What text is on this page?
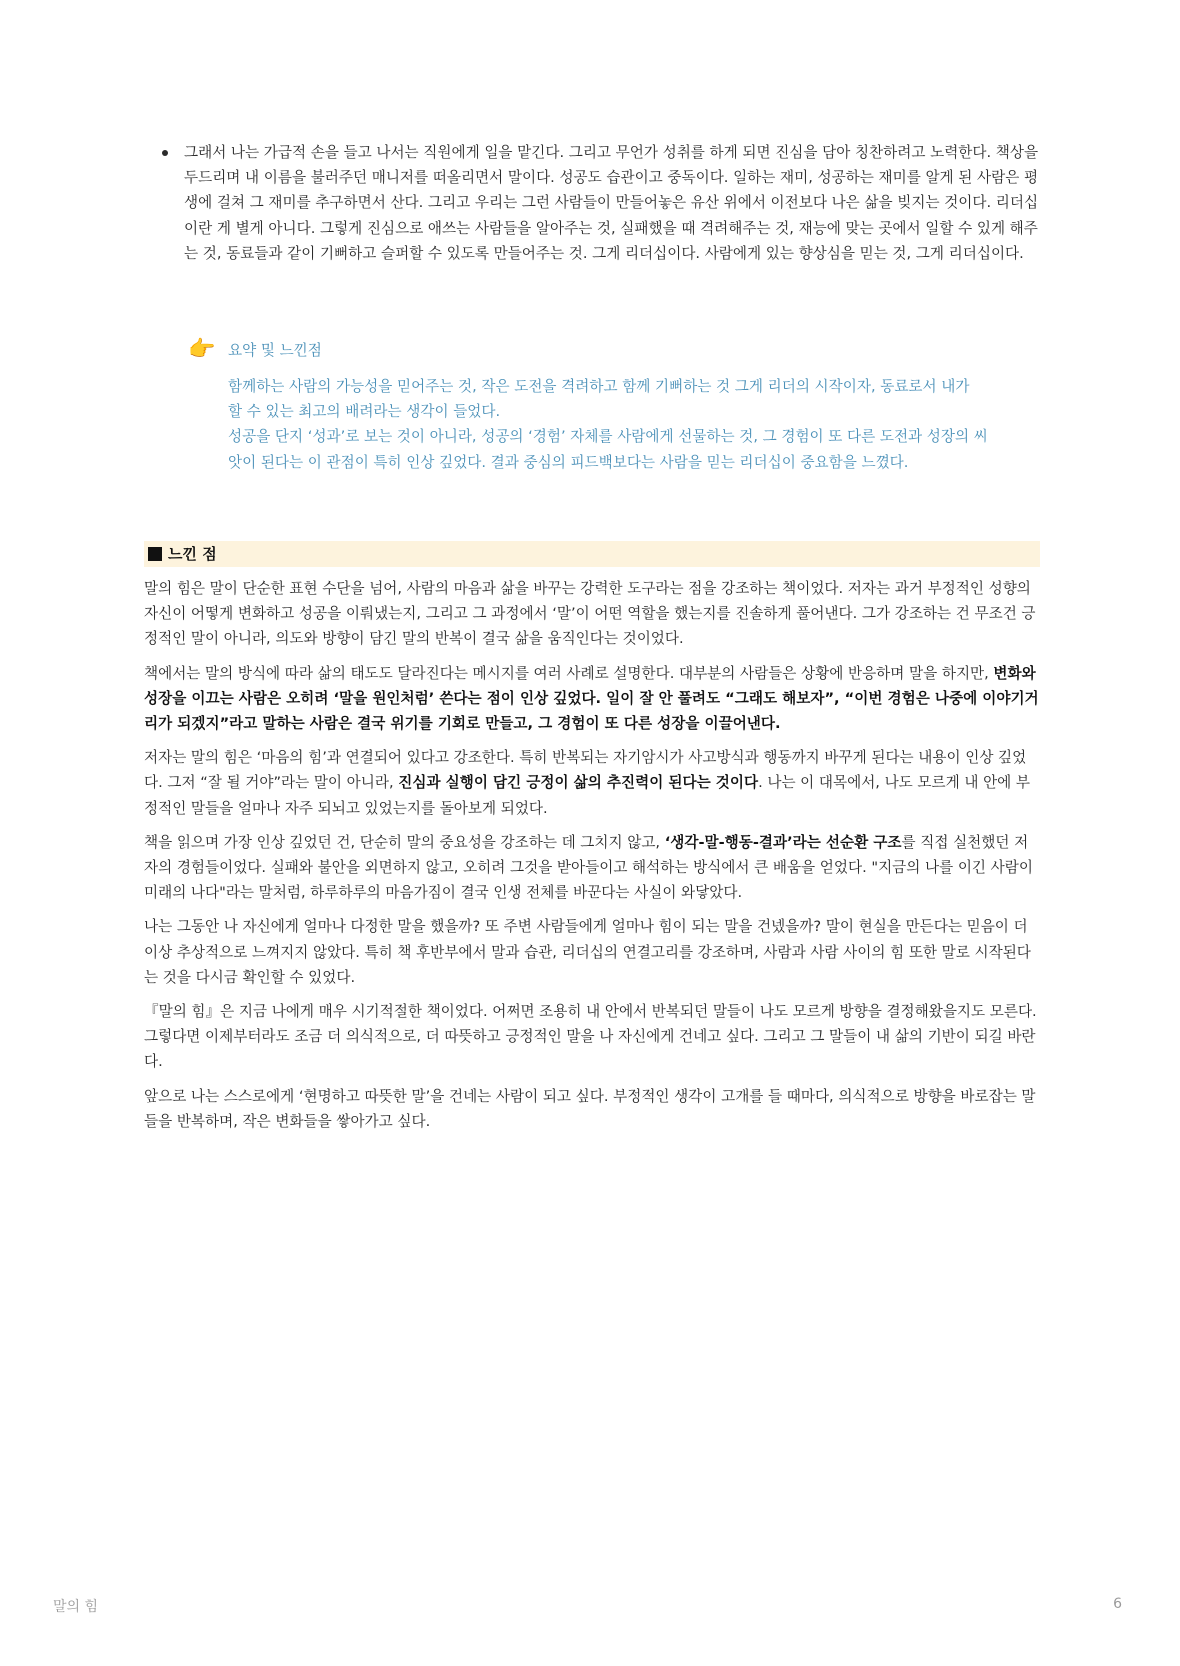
그래서 나는 가급적 손을 들고 나서는 직원에게 일을 맡긴다. 그리고 무언가 성취를 하게 되면 진심을 담아 칭찬하려고 노력한다. 책상을 두드리며 내 이름을 불러주던 매니저를 떠올리면서 말이다. 성공도 습관이고 중독이다. 일하는 재미, 성공하는 재미를 알게 된 사람은 평생에 걸쳐 그 재미를 추구하면서 산다. 그리고 우리는 그런 사람들이 만들어놓은 유산 위에서 이전보다 나은 삶을 빚지는 것이다. 리더십이란 게 별게 아니다. 그렇게 진심으로 애쓰는 사람들을 알아주는 것, 실패했을 때 격려해주는 것, 재능에 맞는 곳에서 일할 수 있게 해주는 것, 동료들과 같이 기뻐하고 슬퍼할 수 있도록 만들어주는 것. 그게 리더십이다. 사람에게 있는 향상심을 믿는 것, 그게 리더십이다.

👉 요약 및 느낀점

함께하는 사람의 가능성을 믿어주는 것, 작은 도전을 격려하고 함께 기뻐하는 것 그게 리더의 시작이자, 동료로서 내가 할 수 있는 최고의 배려라는 생각이 들었다.

성공을 단지 ‘성과’로 보는 것이 아니라, 성공의 ‘경험’ 자체를 사람에게 선물하는 것, 그 경험이 또 다른 도전과 성장의 씨앗이 된다는 이 관점이 특히 인상 깊었다. 결과 중심의 피드백보다는 사람을 믿는 리더십이 중요함을 느꼈다.

느낀 점

말의 힘은 말이 단순한 표현 수단을 넘어, 사람의 마음과 삶을 바꾸는 강력한 도구라는 점을 강조하는 책이었다. 저자는 과거 부정적인 성향의 자신이 어떻게 변화하고 성공을 이뤄냈는지, 그리고 그 과정에서 ‘말’이 어떤 역할을 했는지를 진솔하게 풀어낸다. 그가 강조하는 건 무조건 긍정적인 말이 아니라, 의도와 방향이 담긴 말의 반복이 결국 삶을 움직인다는 것이었다.

책에서는 말의 방식에 따라 삶의 태도도 달라진다는 메시지를 여러 사례로 설명한다. 대부분의 사람들은 상황에 반응하며 말을 하지만, 변화와 성장을 이끄는 사람은 오히려 ‘말을 원인처럼’ 쓴다는 점이 인상 깊었다. 일이 잘 안 풀려도 “그래도 해보자”, “이번 경험은 나중에 이야기거리가 되겠지”라고 말하는 사람은 결국 위기를 기회로 만들고, 그 경험이 또 다른 성장을 이끌어낸다.

저자는 말의 힘은 ‘마음의 힘’과 연결되어 있다고 강조한다. 특히 반복되는 자기암시가 사고방식과 행동까지 바꾸게 된다는 내용이 인상 깊었다. 그저 “잘 될 거야”라는 말이 아니라, 진심과 실행이 담긴 긍정이 삶의 추진력이 된다는 것이다. 나는 이 대목에서, 나도 모르게 내 안에 부정적인 말들을 얼마나 자주 되뇌고 있었는지를 돌아보게 되었다.

책을 읽으며 가장 인상 깊었던 건, 단순히 말의 중요성을 강조하는 데 그치지 않고, ‘생각-말-행동-결과’라는 선순환 구조를 직접 실천했던 저자의 경험들이었다. 실패와 불안을 외면하지 않고, 오히려 그것을 받아들이고 해석하는 방식에서 큰 배움을 얻었다. "지금의 나를 이긴 사람이 미래의 나다"라는 말처럼, 하루하루의 마음가짐이 결국 인생 전체를 바꾼다는 사실이 와닿았다.

나는 그동안 나 자신에게 얼마나 다정한 말을 했을까? 또 주변 사람들에게 얼마나 힘이 되는 말을 건넸을까? 말이 현실을 만든다는 믿음이 더 이상 추상적으로 느껴지지 않았다. 특히 책 후반부에서 말과 습관, 리더십의 연결고리를 강조하며, 사람과 사람 사이의 힘 또한 말로 시작된다는 것을 다시금 확인할 수 있었다.

『말의 힘』은 지금 나에게 매우 시기적절한 책이었다. 어쩌면 조용히 내 안에서 반복되던 말들이 나도 모르게 방향을 결정해왔을지도 모른다. 그렇다면 이제부터라도 조금 더 의식적으로, 더 따뜻하고 긍정적인 말을 나 자신에게 건네고 싶다. 그리고 그 말들이 내 삶의 기반이 되길 바란다.

앞으로 나는 스스로에게 ‘현명하고 따뜻한 말’을 건네는 사람이 되고 싶다. 부정적인 생각이 고개를 들 때마다, 의식적으로 방향을 바로잡는 말들을 반복하며, 작은 변화들을 쌓아가고 싶다.

말의 힘	6
